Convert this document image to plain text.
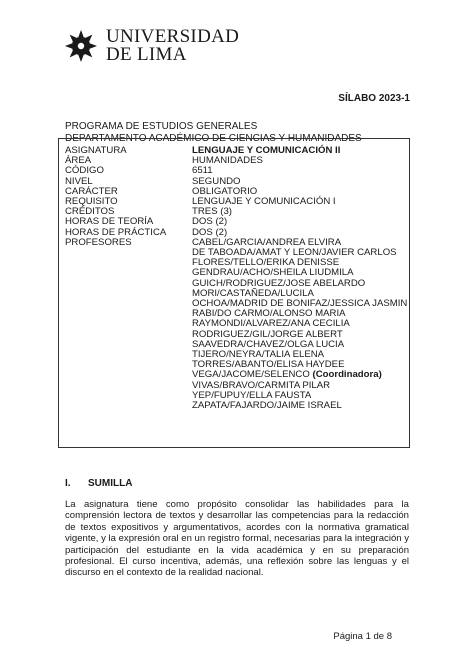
UNIVERSIDAD
DE LIMA
SÍLABO 2023-1
PROGRAMA DE ESTUDIOS GENERALES
DEPARTAMENTO ACADÉMICO DE CIENCIAS Y HUMANIDADES
ASIGNATURA	LENGUAJE Y COMUNICACIÓN II
ÁREA	HUMANIDADES
CÓDIGO	6511
NIVEL	SEGUNDO
CARÁCTER	OBLIGATORIO
REQUISITO	LENGUAJE Y COMUNICACIÓN I
CRÉDITOS	TRES (3)
HORAS DE TEORÍA	DOS (2)
HORAS DE PRÁCTICA	DOS (2)
PROFESORES	CABEL/GARCIA/ANDREA ELVIRA
DE TABOADA/AMAT Y LEON/JAVIER CARLOS
FLORES/TELLO/ERIKA DENISSE
GENDRAU/ACHO/SHEILA LIUDMILA
GUICH/RODRIGUEZ/JOSE ABELARDO
MORI/CASTAÑEDA/LUCILA
OCHOA/MADRID DE BONIFAZ/JESSICA JASMIN
RABI/DO CARMO/ALONSO MARIA
RAYMONDI/ALVAREZ/ANA CECILIA
RODRIGUEZ/GIL/JORGE ALBERT
SAAVEDRA/CHAVEZ/OLGA LUCIA
TIJERO/NEYRA/TALIA ELENA
TORRES/ABANTO/ELISA HAYDEE
VEGA/JACOME/SELENCO (Coordinadora)
VIVAS/BRAVO/CARMITA PILAR
YEP/FUPUY/ELLA FAUSTA
ZAPATA/FAJARDO/JAIME ISRAEL
I.	SUMILLA
La asignatura tiene como propósito consolidar las habilidades para la comprensión lectora de textos y desarrollar las competencias para la redacción de textos expositivos y argumentativos, acordes con la normativa gramatical vigente, y la expresión oral en un registro formal, necesarias para la integración y participación del estudiante en la vida académica y en su preparación profesional. El curso incentiva, además, una reflexión sobre las lenguas y el discurso en el contexto de la realidad nacional.
Página 1 de 8
